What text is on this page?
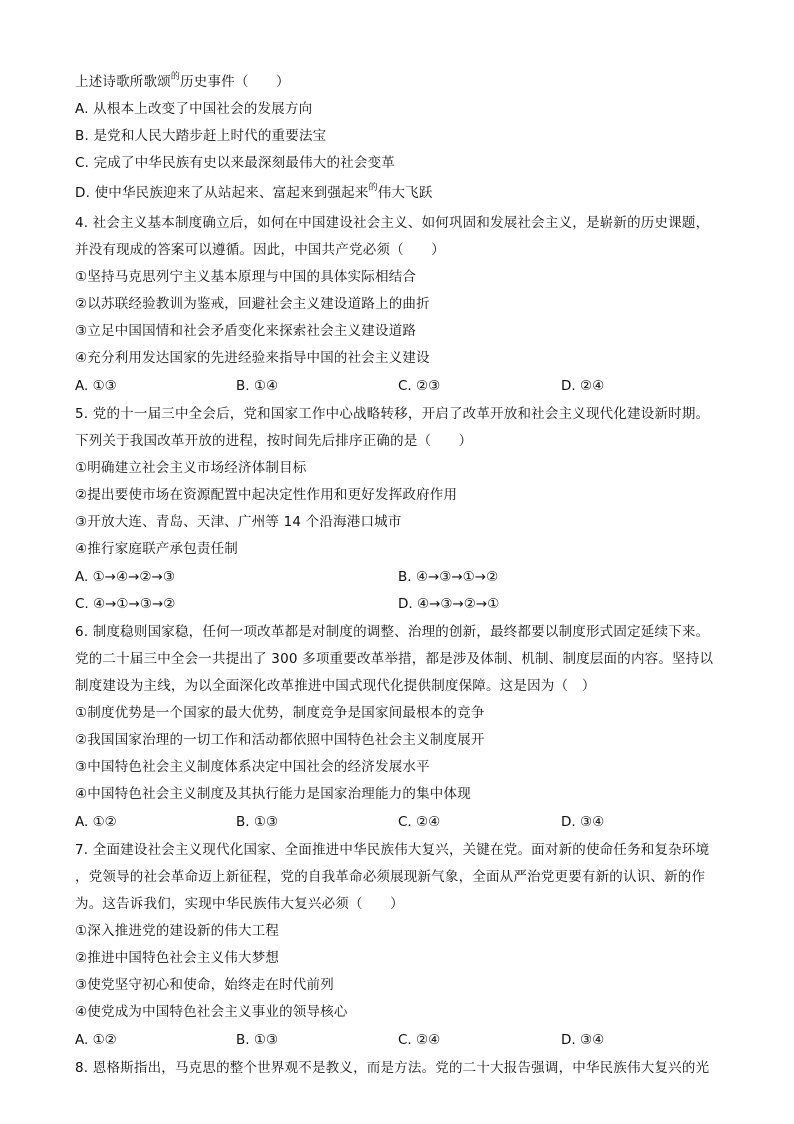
上述诗歌所歌颂$^的$历史事件（　　）
A. 从根本上改变了中国社会的发展方向
B. 是党和人民大踏步赶上时代的重要法宝
C. 完成了中华民族有史以来最深刻最伟大的社会变革
D. 使中华民族迎来了从站起来、富起来到强起来$^的$伟大飞跃
4. 社会主义基本制度确立后，如何在中国建设社会主义、如何巩固和发展社会主义，是崭新的历史课题，
并没有现成的答案可以遵循。因此，中国共产党必须（　　）
①坚持马克思列宁主义基本原理与中国的具体实际相结合
②以苏联经验教训为鉴戒，回避社会主义建设道路上的曲折
③立足中国国情和社会矛盾变化来探索社会主义建设道路
④充分利用发达国家的先进经验来指导中国的社会主义建设
A. ①③	B. ①④	C. ②③	D. ②④
5. 党的十一届三中全会后，党和国家工作中心战略转移，开启了改革开放和社会主义现代化建设新时期。
下列关于我国改革开放的进程，按时间先后排序正确的是（　　）
①明确建立社会主义市场经济体制目标
②提出要使市场在资源配置中起决定性作用和更好发挥政府作用
③开放大连、青岛、天津、广州等 14 个沿海港口城市
④推行家庭联产承包责任制
A. ①→④→②→③	B. ④→③→①→②
C. ④→①→③→②	D. ④→③→②→①
6. 制度稳则国家稳，任何一项改革都是对制度的调整、治理的创新，最终都要以制度形式固定延续下来。
党的二十届三中全会一共提出了 300 多项重要改革举措，都是涉及体制、机制、制度层面的内容。坚持以
制度建设为主线，为以全面深化改革推进中国式现代化提供制度保障。这是因为（　）
①制度优势是一个国家的最大优势，制度竞争是国家间最根本的竞争
②我国国家治理的一切工作和活动都依照中国特色社会主义制度展开
③中国特色社会主义制度体系决定中国社会的经济发展水平
④中国特色社会主义制度及其执行能力是国家治理能力的集中体现
A. ①②	B. ①③	C. ②④	D. ③④
7. 全面建设社会主义现代化国家、全面推进中华民族伟大复兴，关键在党。面对新的使命任务和复杂环境
，党领导的社会革命迈上新征程，党的自我革命必须展现新气象，全面从严治党更要有新的认识、新的作
为。这告诉我们，实现中华民族伟大复兴必须（　　）
①深入推进党的建设新的伟大工程
②推进中国特色社会主义伟大梦想
③使党坚守初心和使命，始终走在时代前列
④使党成为中国特色社会主义事业的领导核心
A. ①②	B. ①③	C. ②④	D. ③④
8. 恩格斯指出，马克思的整个世界观不是教义，而是方法。党的二十大报告强调，中华民族伟大复兴的光
